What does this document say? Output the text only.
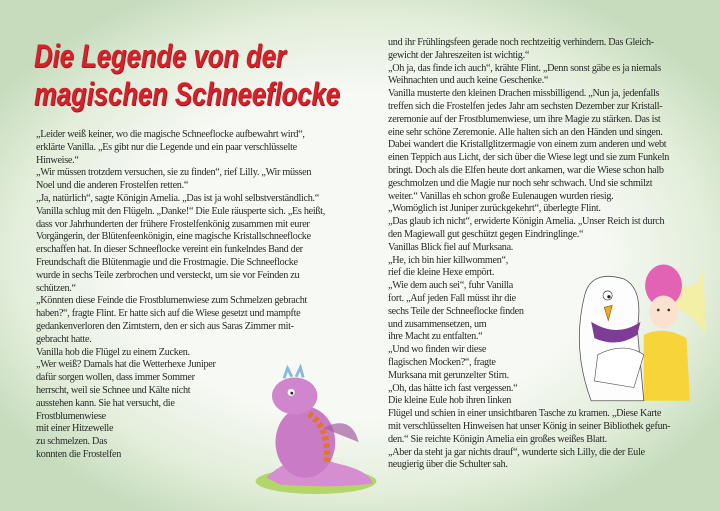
Die Legende von der
magischen Schneeflocke
„Leider weiß keiner, wo die magische Schneeflocke aufbewahrt wird“,
erklärte Vanilla. „Es gibt nur die Legende und ein paar verschlüsselte
Hinweise.“
„Wir müssen trotzdem versuchen, sie zu finden“, rief Lilly. „Wir müssen
Noel und die anderen Frostelfen retten.“
„Ja, natürlich“, sagte Königin Amelia. „Das ist ja wohl selbstverständlich.“
Vanilla schlug mit den Flügeln. „Danke!“ Die Eule räusperte sich. „Es heißt,
dass vor Jahrhunderten der frühere Frostelfenkönig zusammen mit eurer
Vorgängerin, der Blütenfeenkönigin, eine magische Kristallschneeflocke
erschaffen hat. In dieser Schneeflocke vereint ein funkelndes Band der
Freundschaft die Blütenmagie und die Frostmagie. Die Schneeflocke
wurde in sechs Teile zerbrochen und versteckt, um sie vor Feinden zu
schützen.“
„Könnten diese Feinde die Frostblumenwiese zum Schmelzen gebracht
haben?“, fragte Flint. Er hatte sich auf die Wiese gesetzt und mampfte
gedankenverloren den Zimtstern, den er sich aus Saras Zimmer mit-
gebracht hatte.
Vanilla hob die Flügel zu einem Zucken.
„Wer weiß? Damals hat die Wetterhexe Juniper
dafür sorgen wollen, dass immer Sommer
herrscht, weil sie Schnee und Kälte nicht
ausstehen kann. Sie hat versucht, die
Frostblumenwiese
mit einer Hitzewelle
zu schmelzen. Das
konnten die Frostelfen
und ihr Frühlingsfeen gerade noch rechtzeitig verhindern. Das Gleich-
gewicht der Jahreszeiten ist wichtig.“
„Oh ja, das finde ich auch“, krähte Flint. „Denn sonst gäbe es ja niemals
Weihnachten und auch keine Geschenke.“
Vanilla musterte den kleinen Drachen missbilligend. „Nun ja, jedenfalls
treffen sich die Frostelfen jedes Jahr am sechsten Dezember zur Kristall-
zeremonie auf der Frostblumenwiese, um ihre Magie zu stärken. Das ist
eine sehr schöne Zeremonie. Alle halten sich an den Händen und singen.
Dabei wandert die Kristallglitzermagie von einem zum anderen und webt
einen Teppich aus Licht, der sich über die Wiese legt und sie zum Funkeln
bringt. Doch als die Elfen heute dort ankamen, war die Wiese schon halb
geschmolzen und die Magie nur noch sehr schwach. Und sie schmilzt
weiter.“ Vanillas eh schon große Eulenaugen wurden riesig.
„Womöglich ist Juniper zurückgekehrt“, überlegte Flint.
„Das glaub ich nicht“, erwiderte Königin Amelia. „Unser Reich ist durch
den Magiewall gut geschützt gegen Eindringlinge.“
Vanillas Blick fiel auf Murksana.
„He, ich bin hier killwommen“,
rief die kleine Hexe empört.
„Wie dem auch sei“, fuhr Vanilla
fort. „Auf jeden Fall müsst ihr die
sechs Teile der Schneeflocke finden
und zusammensetzen, um
ihre Macht zu entfalten.“
„Und wo finden wir diese
flagischen Mocken?“, fragte
Murksana mit gerunzelter Stirn.
„Oh, das hätte ich fast vergessen.“
Die kleine Eule hob ihren linken
Flügel und schien in einer unsichtbaren Tasche zu kramen. „Diese Karte
mit verschlüsselten Hinweisen hat unser König in seiner Bibliothek gefun-
den.“ Sie reichte Königin Amelia ein großes weißes Blatt.
„Aber da steht ja gar nichts drauf“, wunderte sich Lilly, die der Eule
neugierig über die Schulter sah.
